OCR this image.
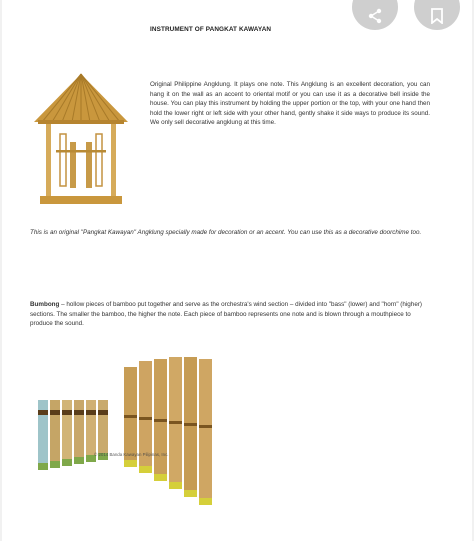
INSTRUMENT OF PANGKAT KAWAYAN
Original Philippine Angklung. It plays one note. This Angklung is an excellent decoration, you can hang it on the wall as an accent to oriental motif or you can use it as a decorative bell inside the house. You can play this instrument by holding the upper portion or the top, with your one hand then hold the lower right or left side with your other hand, gently shake it side ways to produce its sound. We only sell decorative angklung at this time.
This is an original "Pangkat Kawayan" Angklung specially made for decoration or an accent. You can use this as a decorative doorchime too.
Bumbong – hollow pieces of bamboo put together and serve as the orchestra's wind section – divided into "bass" (lower) and "horn" (higher) sections. The smaller the bamboo, the higher the note. Each piece of bamboo represents one note and is blown through a mouthpiece to produce the sound.
© 2014 Banda Kawayan Pilipinas, Inc.
